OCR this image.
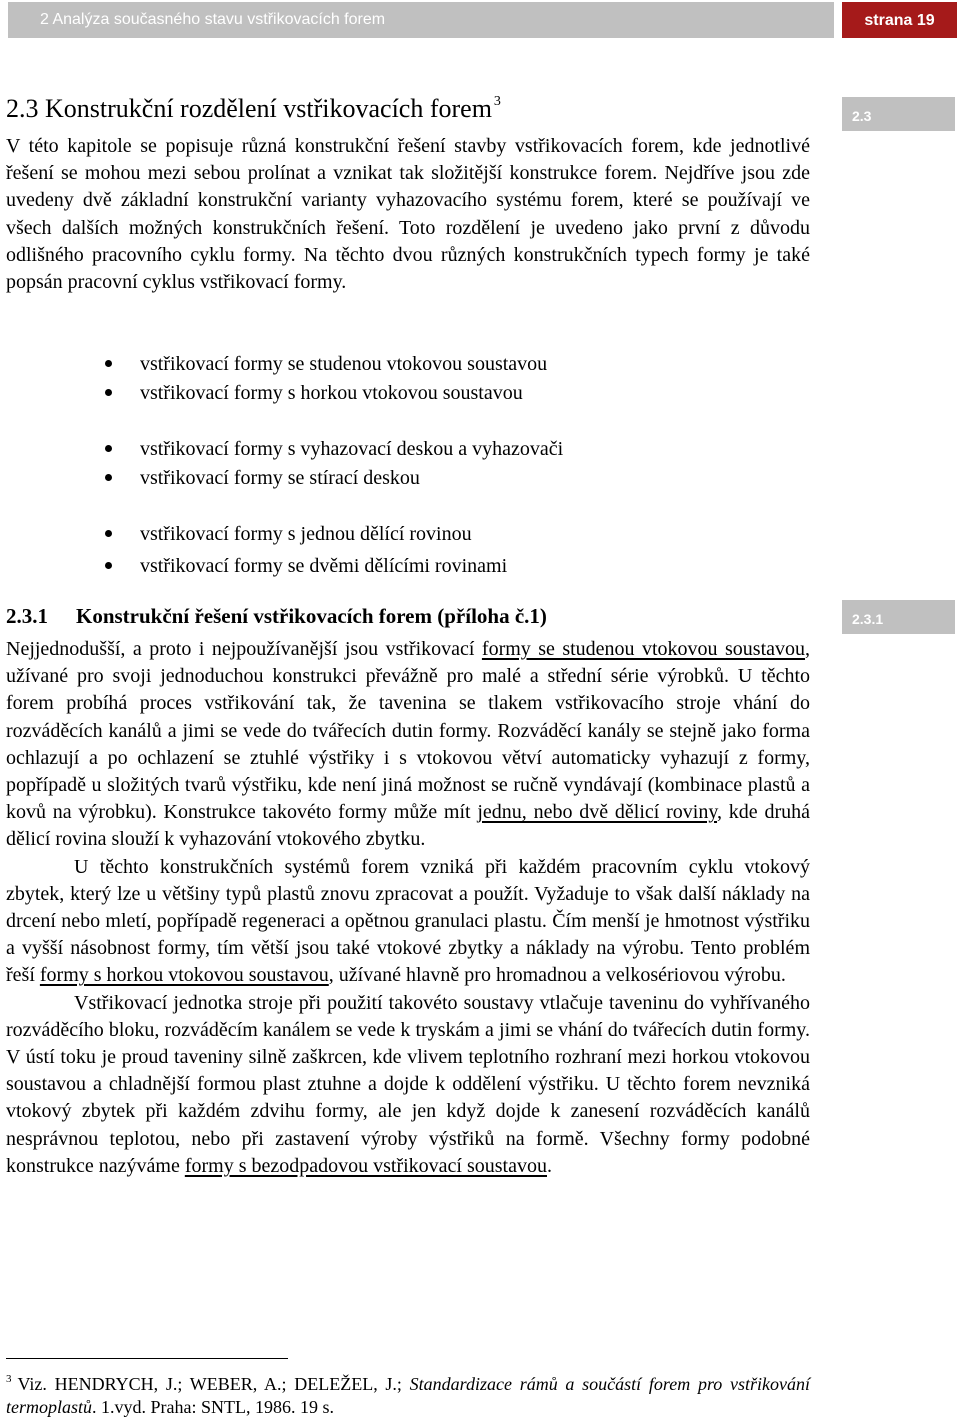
2 Analýza současného stavu vstřikovacích forem	strana 19
2.3 Konstrukční rozdělení vstřikovacích forem $^3$
2.3

V této kapitole se popisuje různá konstrukční řešení stavby vstřikovacích forem, kde jednotlivé řešení se mohou mezi sebou prolínat a vznikat tak složitější konstrukce forem. Nejdříve jsou zde uvedeny dvě základní konstrukční varianty vyhazovacího systému forem, které se používají ve všech dalších možných konstrukčních řešení. Toto rozdělení je uvedeno jako první z důvodu odlišného pracovního cyklu formy. Na těchto dvou různých konstrukčních typech formy je také popsán pracovní cyklus vstřikovací formy.

vstřikovací formy se studenou vtokovou soustavou
vstřikovací formy s horkou vtokovou soustavou
vstřikovací formy s vyhazovací deskou a vyhazovači
vstřikovací formy se stírací deskou
vstřikovací formy s jednou dělící rovinou
vstřikovací formy se dvěmi dělícími rovinami
2.3.1 Konstrukční řešení vstřikovacích forem (příloha č.1)	2.3.1

Nejjednodušší, a proto i nejpoužívanější jsou vstřikovací formy se studenou vtokovou soustavou, užívané pro svoji jednoduchou konstrukci převážně pro malé a střední série výrobků. U těchto forem probíhá proces vstřikování tak, že tavenina se tlakem vstřikovacího stroje vhání do rozváděcích kanálů a jimi se vede do tvářecích dutin formy. Rozváděcí kanály se stejně jako forma ochlazují a po ochlazení se ztuhlé výstřiky i s vtokovou větví automaticky vyhazují z formy, popřípadě u složitých tvarů výstřiku, kde není jiná možnost se ručně vyndávají (kombinace plastů a kovů na výrobku). Konstrukce takovéto formy může mít jednu, nebo dvě dělicí roviny, kde druhá dělicí rovina slouží k vyhazování vtokového zbytku.

U těchto konstrukčních systémů forem vzniká při každém pracovním cyklu vtokový zbytek, který lze u většiny typů plastů znovu zpracovat a použít. Vyžaduje to však další náklady na drcení nebo mletí, popřípadě regeneraci a opětnou granulaci plastu. Čím menší je hmotnost výstřiku a vyšší násobnost formy, tím větší jsou také vtokové zbytky a náklady na výrobu. Tento problém řeší formy s horkou vtokovou soustavou, užívané hlavně pro hromadnou a velkosériovou výrobu.

Vstřikovací jednotka stroje při použití takovéto soustavy vtlačuje taveninu do vyhřívaného rozváděcího bloku, rozváděcím kanálem se vede k tryskám a jimi se vhání do tvářecích dutin formy. V ústí toku je proud taveniny silně zaškrcen, kde vlivem teplotního rozhraní mezi horkou vtokovou soustavou a chladnější formou plast ztuhne a dojde k oddělení výstřiku. U těchto forem nevzniká vtokový zbytek při každém zdvihu formy, ale jen když dojde k zanesení rozváděcích kanálů nesprávnou teplotou, nebo při zastavení výroby výstřiků na formě. Všechny formy podobné konstrukce nazýváme formy s bezodpadovou vstřikovací soustavou.

$^3$ Viz. HENDRYCH, J.; WEBER, A.; DELEŽEL, J.; Standardizace rámů a součástí forem pro vstřikování termoplastů. 1.vyd. Praha: SNTL, 1986. 19 s.
